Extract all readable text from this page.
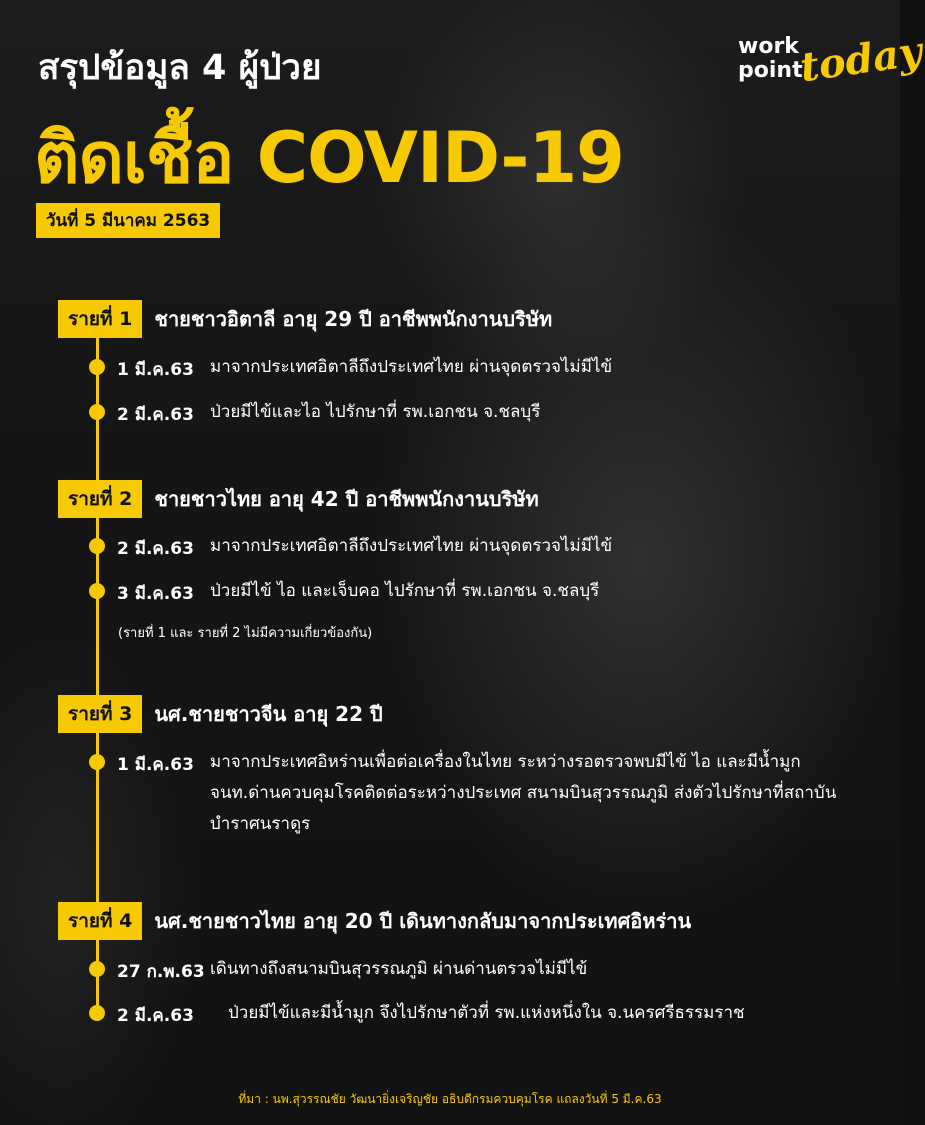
สรุปข้อมูล 4 ผู้ป่วย
ติดเชื้อ COVID-19
วันที่ 5 มีนาคม 2563
work
point
today
รายที่ 1 ชายชาวอิตาลี อายุ 29 ปี อาชีพพนักงานบริษัท
1 มี.ค.63 มาจากประเทศอิตาลีถึงประเทศไทย ผ่านจุดตรวจไม่มีไข้
2 มี.ค.63 ป่วยมีไข้และไอ ไปรักษาที่ รพ.เอกชน จ.ชลบุรี
รายที่ 2 ชายชาวไทย อายุ 42 ปี อาชีพพนักงานบริษัท
2 มี.ค.63 มาจากประเทศอิตาลีถึงประเทศไทย ผ่านจุดตรวจไม่มีไข้
3 มี.ค.63 ป่วยมีไข้ ไอ และเจ็บคอ ไปรักษาที่ รพ.เอกชน จ.ชลบุรี
(รายที่ 1 และ รายที่ 2 ไม่มีความเกี่ยวข้องกัน)
รายที่ 3 นศ.ชายชาวจีน อายุ 22 ปี
1 มี.ค.63 มาจากประเทศอิหร่านเพื่อต่อเครื่องในไทย ระหว่างรอตรวจพบมีไข้ ไอ และมีน้ำมูก จนท.ด่านควบคุมโรคติดต่อระหว่างประเทศ สนามบินสุวรรณภูมิ ส่งตัวไปรักษาที่สถาบันบำราศนราดูร
รายที่ 4 นศ.ชายชาวไทย อายุ 20 ปี เดินทางกลับมาจากประเทศอิหร่าน
27 ก.พ.63 เดินทางถึงสนามบินสุวรรณภูมิ ผ่านด่านตรวจไม่มีไข้
2 มี.ค.63 ป่วยมีไข้และมีน้ำมูก จึงไปรักษาตัวที่ รพ.แห่งหนึ่งใน จ.นครศรีธรรมราช
ที่มา : นพ.สุวรรณชัย วัฒนายิ่งเจริญชัย อธิบดีกรมควบคุมโรค แถลงวันที่ 5 มี.ค.63
